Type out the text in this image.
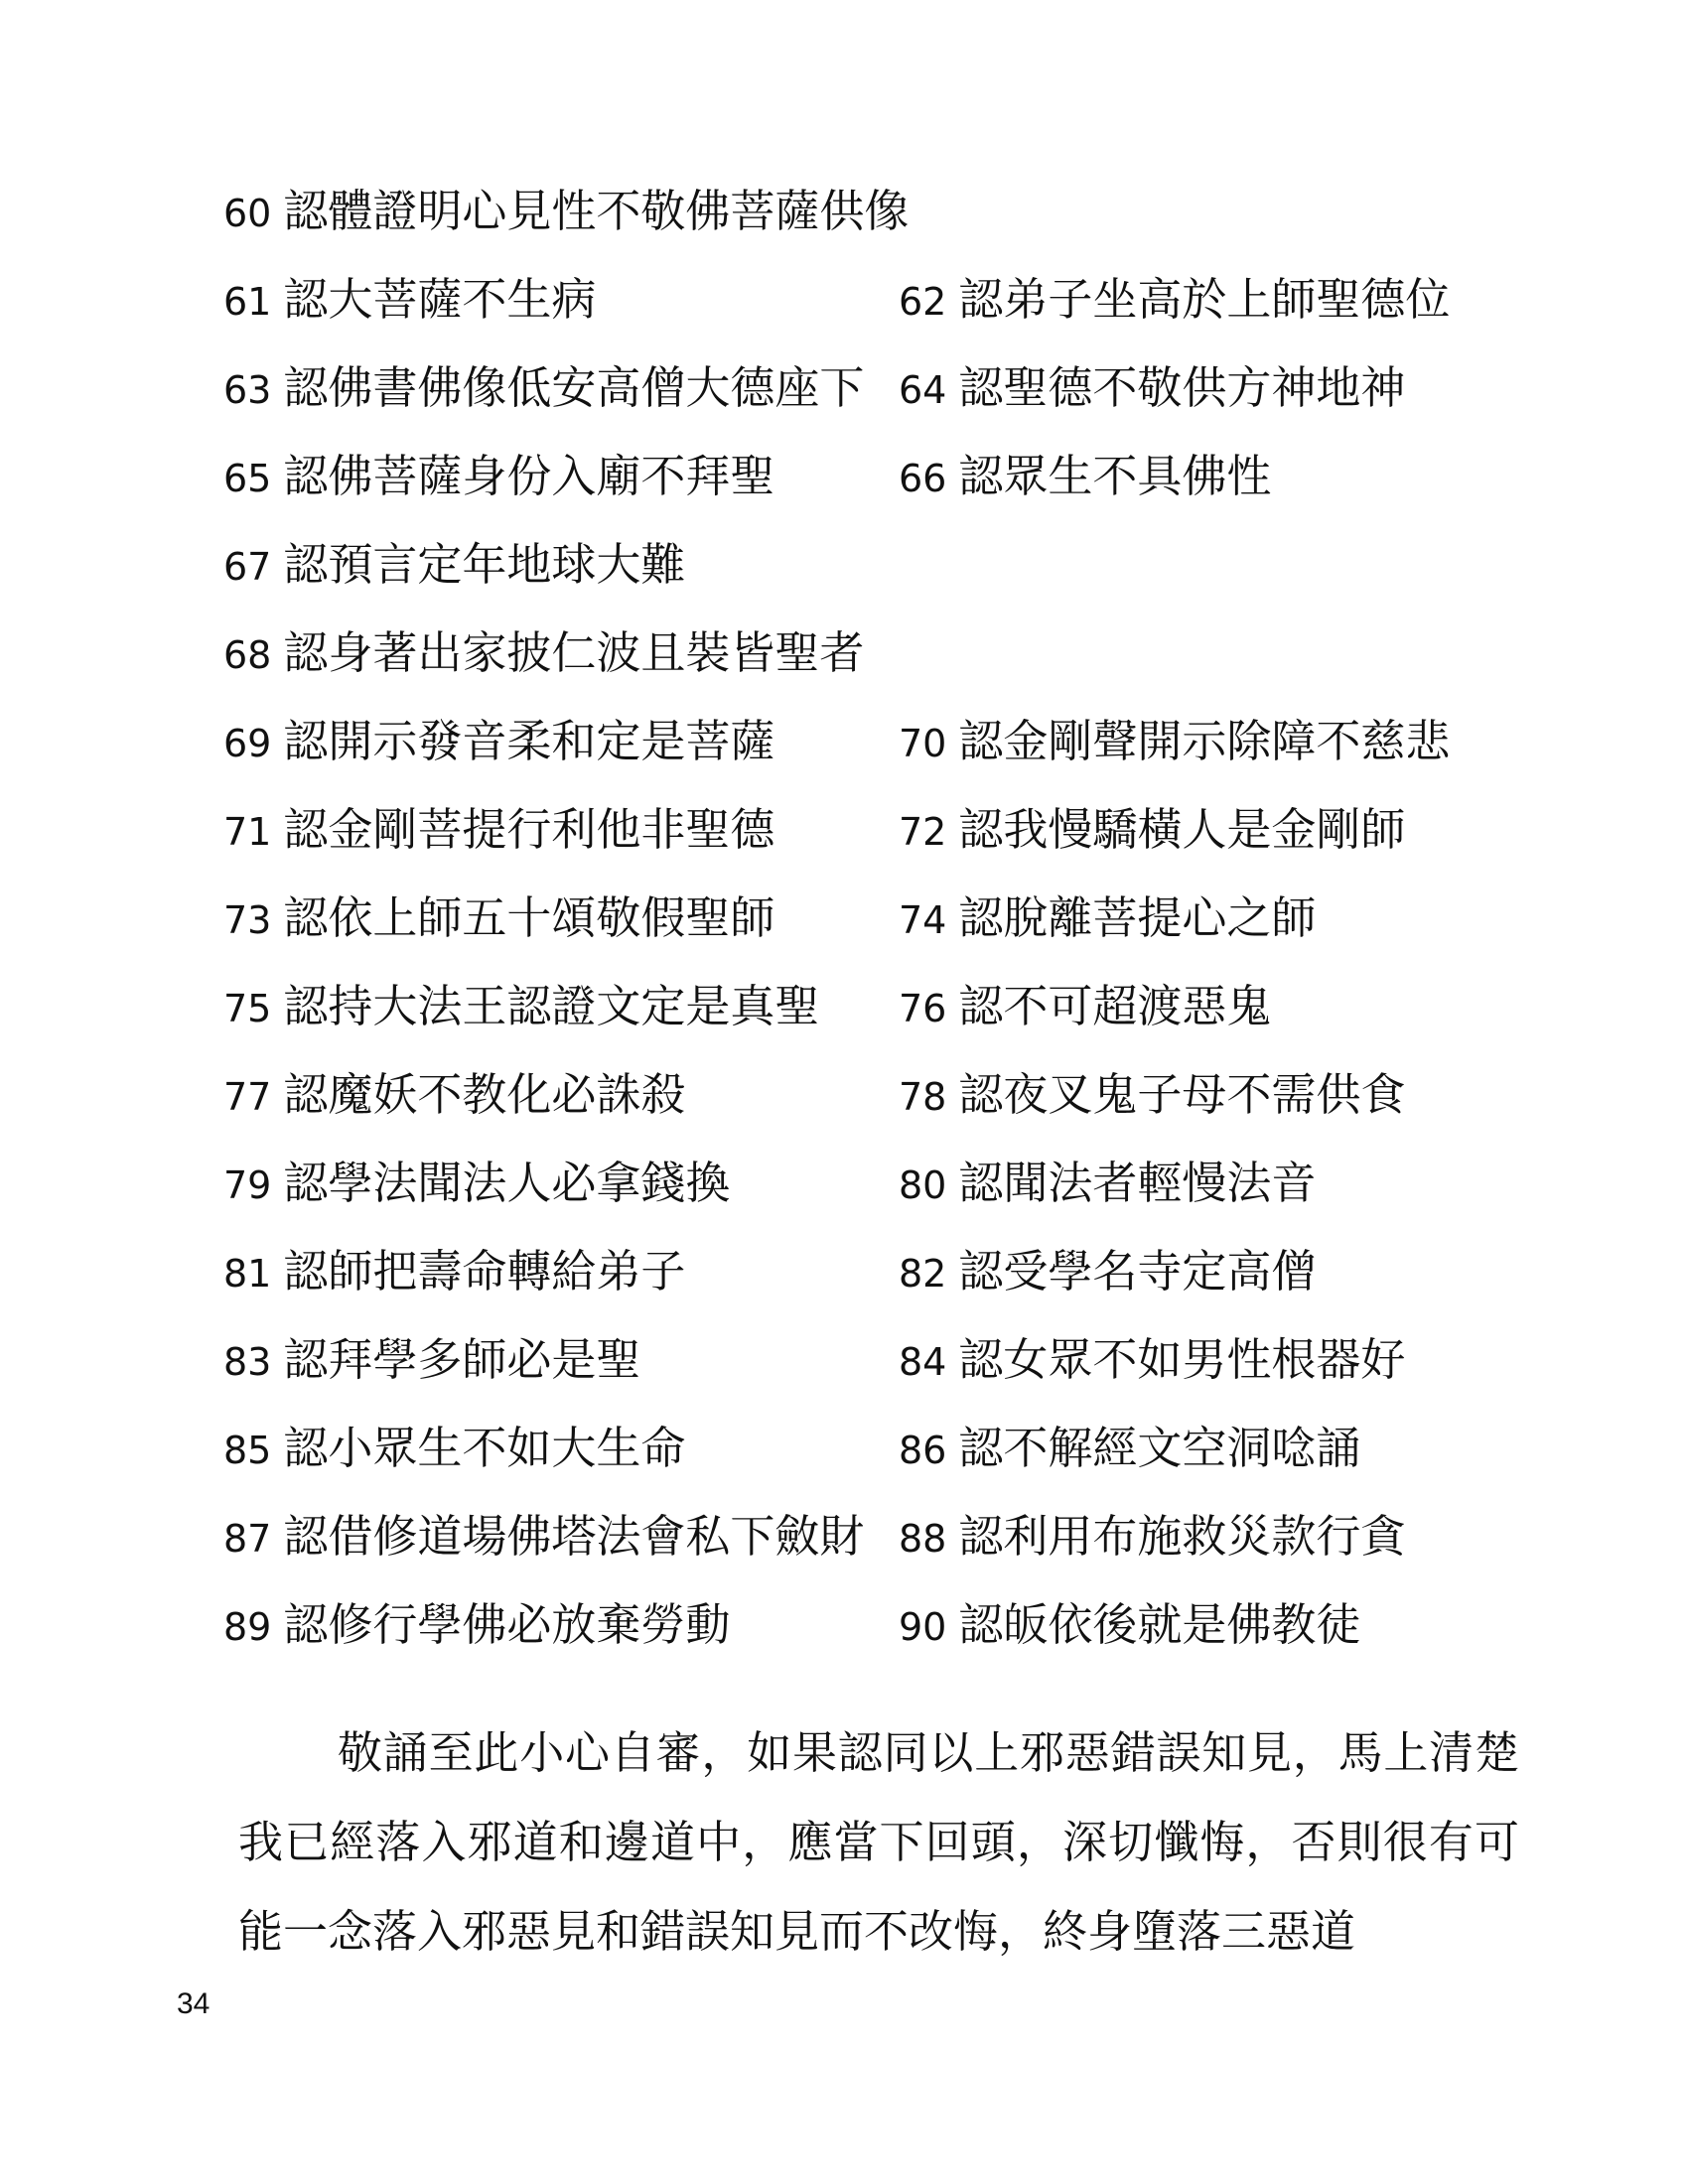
60 認體證明心見性不敬佛菩薩供像
61 認大菩薩不生病	62 認弟子坐高於上師聖德位
63 認佛書佛像低安高僧大德座下 64 認聖德不敬供方神地神
65 認佛菩薩身份入廟不拜聖	66 認眾生不具佛性
67 認預言定年地球大難
68 認身著出家披仁波且裝皆聖者
69 認開示發音柔和定是菩薩	70 認金剛聲開示除障不慈悲
71 認金剛菩提行利他非聖德	72 認我慢驕橫人是金剛師
73 認依上師五十頌敬假聖師	74 認脫離菩提心之師
75 認持大法王認證文定是真聖 76 認不可超渡惡鬼
77 認魔妖不教化必誅殺	78 認夜叉鬼子母不需供食
79 認學法聞法人必拿錢換	80 認聞法者輕慢法音
81 認師把壽命轉給弟子	82 認受學名寺定高僧
83 認拜學多師必是聖	84 認女眾不如男性根器好
85 認小眾生不如大生命	86 認不解經文空洞唸誦
87 認借修道場佛塔法會私下斂財 88 認利用布施救災款行貪
89 認修行學佛必放棄勞動	90 認皈依後就是佛教徒

敬誦至此小心自審，如果認同以上邪惡錯誤知見，馬上清楚我已經落入邪道和邊道中，應當下回頭，深切懺悔，否則很有可能一念落入邪惡見和錯誤知見而不改悔，終身墮落三惡道

34
